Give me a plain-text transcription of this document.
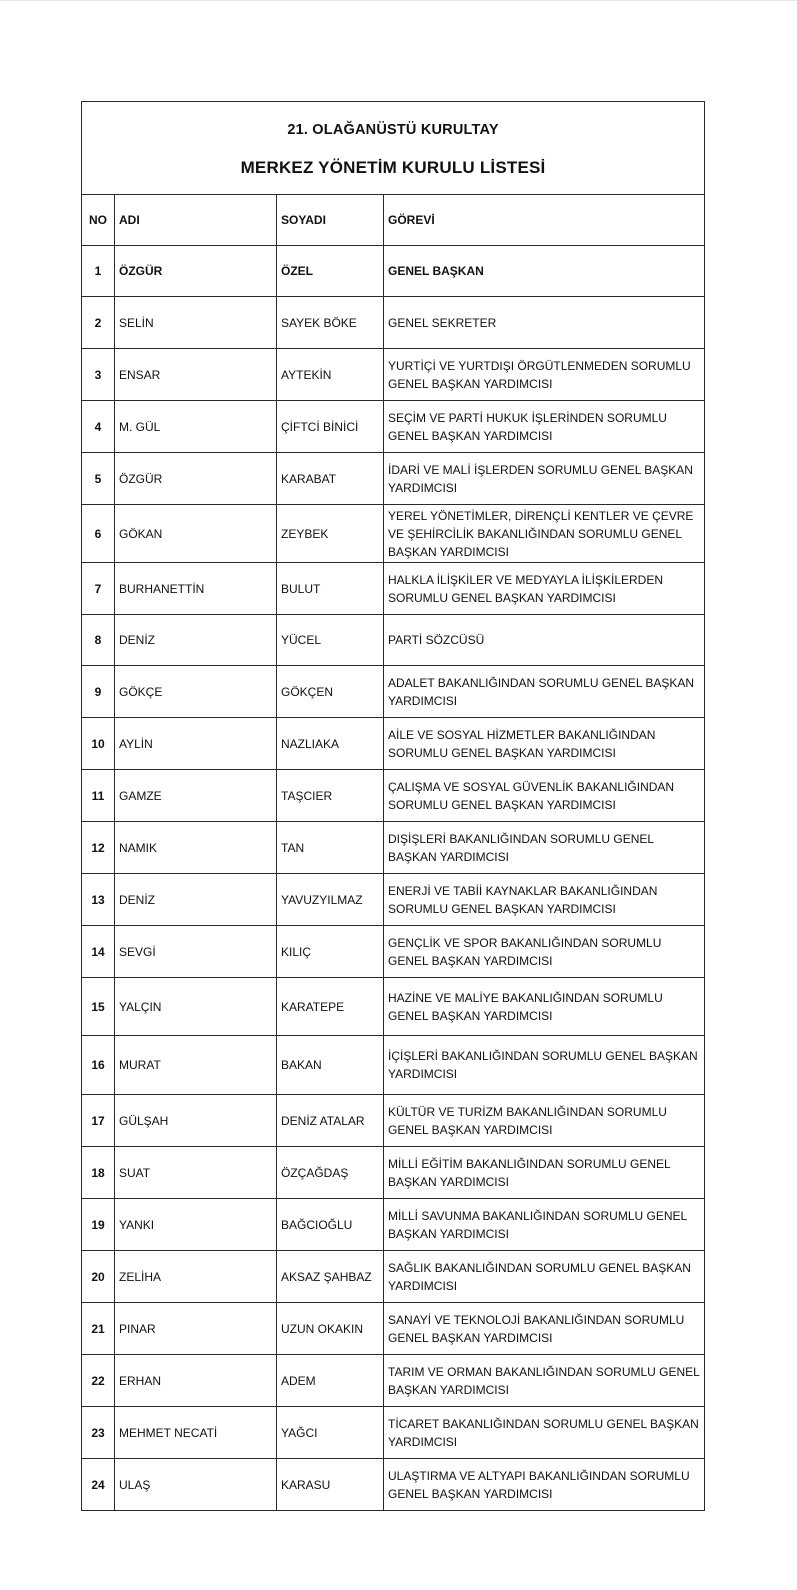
21. OLAĞANÜSTÜ KURULTAY
MERKEZ YÖNETİM KURULU LİSTESİ			

NO	ADI	SOYADI	GÖREVİ
1	ÖZGÜR	ÖZEL	GENEL BAŞKAN
2	SELİN	SAYEK BÖKE	GENEL SEKRETER
3	ENSAR	AYTEKİN	YURTİÇİ VE YURTDIŞI ÖRGÜTLENMEDEN SORUMLU GENEL BAŞKAN YARDIMCISI
4	M. GÜL	ÇİFTCİ BİNİCİ	SEÇİM VE PARTİ HUKUK İŞLERİNDEN SORUMLU GENEL BAŞKAN YARDIMCISI
5	ÖZGÜR	KARABAT	İDARİ VE MALİ İŞLERDEN SORUMLU GENEL BAŞKAN YARDIMCISI
6	GÖKAN	ZEYBEK	YEREL YÖNETİMLER, DİRENÇLİ KENTLER VE ÇEVRE VE ŞEHİRCİLİK BAKANLIĞINDAN SORUMLU GENEL BAŞKAN YARDIMCISI
7	BURHANETTİN	BULUT	HALKLA İLİŞKİLER VE MEDYAYLA İLİŞKİLERDEN SORUMLU GENEL BAŞKAN YARDIMCISI
8	DENİZ	YÜCEL	PARTİ SÖZCÜSÜ
9	GÖKÇE	GÖKÇEN	ADALET BAKANLIĞINDAN SORUMLU GENEL BAŞKAN YARDIMCISI
10	AYLİN	NAZLIAKA	AİLE VE SOSYAL HİZMETLER BAKANLIĞINDAN SORUMLU GENEL BAŞKAN YARDIMCISI
11	GAMZE	TAŞCIER	ÇALIŞMA VE SOSYAL GÜVENLİK BAKANLIĞINDAN SORUMLU GENEL BAŞKAN YARDIMCISI
12	NAMIK	TAN	DIŞİŞLERİ BAKANLIĞINDAN SORUMLU GENEL BAŞKAN YARDIMCISI
13	DENİZ	YAVUZYILMAZ	ENERJİ VE TABİİ KAYNAKLAR BAKANLIĞINDAN SORUMLU GENEL BAŞKAN YARDIMCISI
14	SEVGİ	KILIÇ	GENÇLİK VE SPOR BAKANLIĞINDAN SORUMLU GENEL BAŞKAN YARDIMCISI
15	YALÇIN	KARATEPE	HAZİNE VE MALİYE BAKANLIĞINDAN SORUMLU GENEL BAŞKAN YARDIMCISI
16	MURAT	BAKAN	İÇİŞLERİ BAKANLIĞINDAN SORUMLU GENEL BAŞKAN YARDIMCISI
17	GÜLŞAH	DENİZ ATALAR	KÜLTÜR VE TURİZM BAKANLIĞINDAN SORUMLU GENEL BAŞKAN YARDIMCISI
18	SUAT	ÖZÇAĞDAŞ	MİLLİ EĞİTİM BAKANLIĞINDAN SORUMLU GENEL BAŞKAN YARDIMCISI
19	YANKI	BAĞCIOĞLU	MİLLİ SAVUNMA BAKANLIĞINDAN SORUMLU GENEL BAŞKAN YARDIMCISI
20	ZELİHA	AKSAZ ŞAHBAZ	SAĞLIK BAKANLIĞINDAN SORUMLU GENEL BAŞKAN YARDIMCISI
21	PINAR	UZUN OKAKIN	SANAYİ VE TEKNOLOJİ BAKANLIĞINDAN SORUMLU GENEL BAŞKAN YARDIMCISI
22	ERHAN	ADEM	TARIM VE ORMAN BAKANLIĞINDAN SORUMLU GENEL BAŞKAN YARDIMCISI
23	MEHMET NECATİ	YAĞCI	TİCARET BAKANLIĞINDAN SORUMLU GENEL BAŞKAN YARDIMCISI
24	ULAŞ	KARASU	ULAŞTIRMA VE ALTYAPI BAKANLIĞINDAN SORUMLU GENEL BAŞKAN YARDIMCISI
